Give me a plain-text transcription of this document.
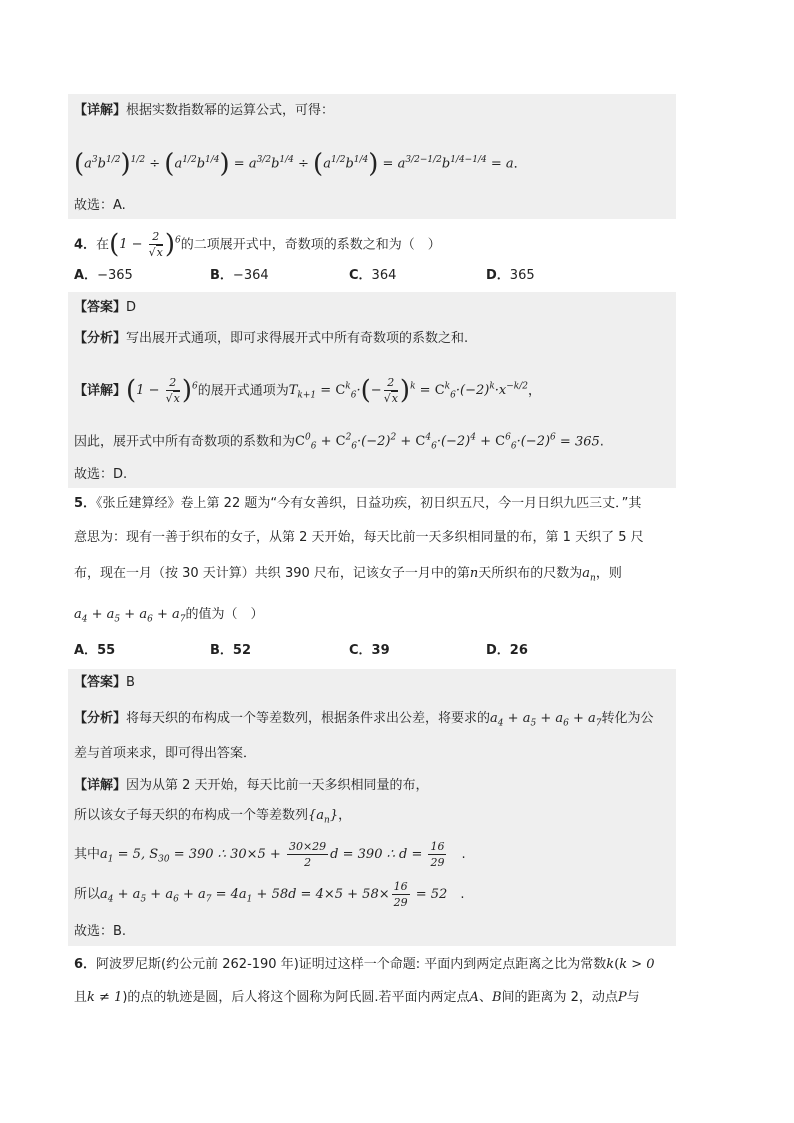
【详解】根据实数指数幂的运算公式，可得：
$(a^3b^{1/2})^{1/2} \div (a^{1/2}b^{1/4}) = a^{3/2}b^{1/4} \div (a^{1/2}b^{1/4}) = a^{3/2-1/2}b^{1/4-1/4} = a$．
故选：A.
4．在$(1 - \frac{2}{√x} )^6$的二项展开式中，奇数项的系数之和为（　）
A．−365	B．−364	C．364	D．365
【答案】D
【分析】写出展开式通项，即可求得展开式中所有奇数项的系数之和.
【详解】$(1 - \frac{2}{√x} )^6$的展开式通项为$T_{k+1} = C^k_6\cdot(- \frac{2}{√x} )^k = C^k_6\cdot(-2)^k\cdot x^{-k/2}$，
因此，展开式中所有奇数项的系数和为$C^0_6 + C^2_6\cdot(-2)^2 + C^4_6\cdot(-2)^4 + C^6_6\cdot(-2)^6 = 365$.
故选：D.
5．《张丘建算经》卷上第 22 题为“今有女善织，日益功疾，初日织五尺，今一月日织九匹三丈．”其
意思为：现有一善于织布的女子，从第 2 天开始，每天比前一天多织相同量的布，第 1 天织了 5 尺
布，现在一月（按 30 天计算）共织 390 尺布，记该女子一月中的第n天所织布的尺数为$a_n$，则
$a_4 + a_5 + a_6 + a_7$的值为（　）
A．55	B．52	C．39	D．26
【答案】B
【分析】将每天织的布构成一个等差数列，根据条件求出公差，将要求的$a_4 + a_5 + a_6 + a_7$转化为公
差与首项来求，即可得出答案．
【详解】因为从第 2 天开始，每天比前一天多织相同量的布，
所以该女子每天织的布构成一个等差数列$\{a_n\}$，
其中$a_1 = 5$, $S_{30} = 390$ ∴ $30\times 5 + \frac{30\times 29}{2}$ d = 390 ∴ $d = \frac{16}{29}$ 　.
所以$a_4 + a_5 + a_6 + a_7 = 4a_1 + 58d = 4\times 5 + 58\times \frac{16}{29} = 52$　.
故选：B.
6．阿波罗尼斯(约公元前 262-190 年)证明过这样一个命题: 平面内到两定点距离之比为常数k(k > 0
且k ≠ 1)的点的轨迹是圆，后人将这个圆称为阿氏圆.若平面内两定点A、B间的距离为 2，动点P与
